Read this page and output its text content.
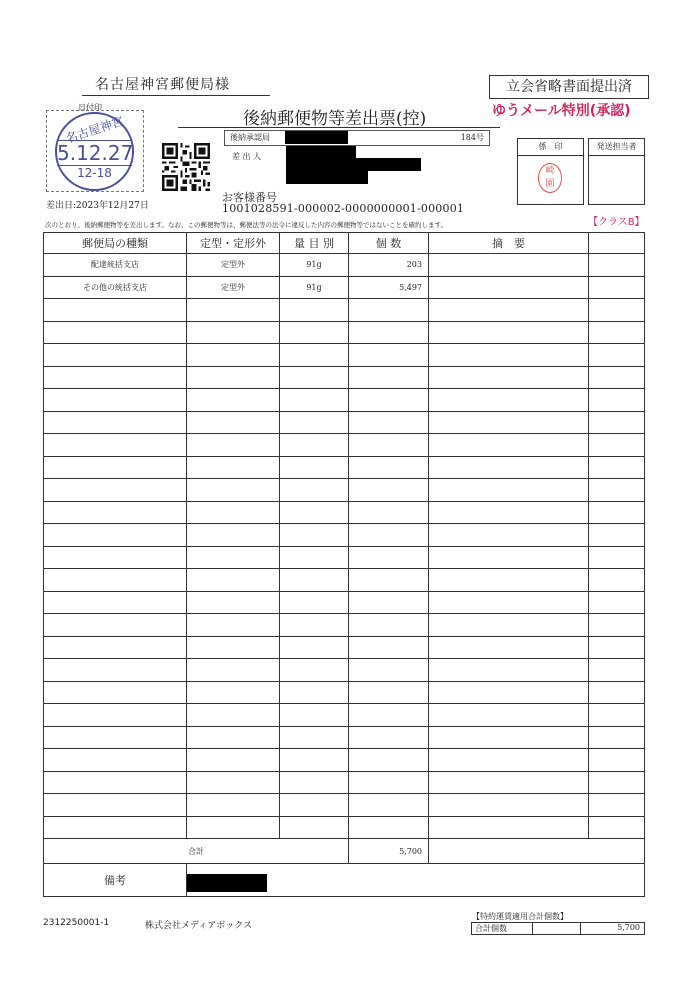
名古屋神宮郵便局様	立会省略書面提出済
ゆうメール特別(承認)
日付印
名古屋神宮
5.12.27
12-18
差出日:2023年12月27日
後納郵便物等差出票(控)
後納承認局	184号
差 出 人
お客様番号
1001028591-000002-0000000001-000001
係　印
崎
園
発送担当者
次のとおり、後納郵便物等を差出します。なお、この郵便物等は、郵便法等の法令に違反した内容の郵便物等ではないことを確約します。	【クラスB】
郵便局の種類	定型・定形外	量 目 別	個 数	摘　要	
配達統括支店	定型外	91g	203		
その他の統括支店	定型外	91g	5,497		

合計			5,700		
備考					
2312250001-1	株式会社メディアボックス
【特約運賃適用合計個数】
合計個数	5,700
